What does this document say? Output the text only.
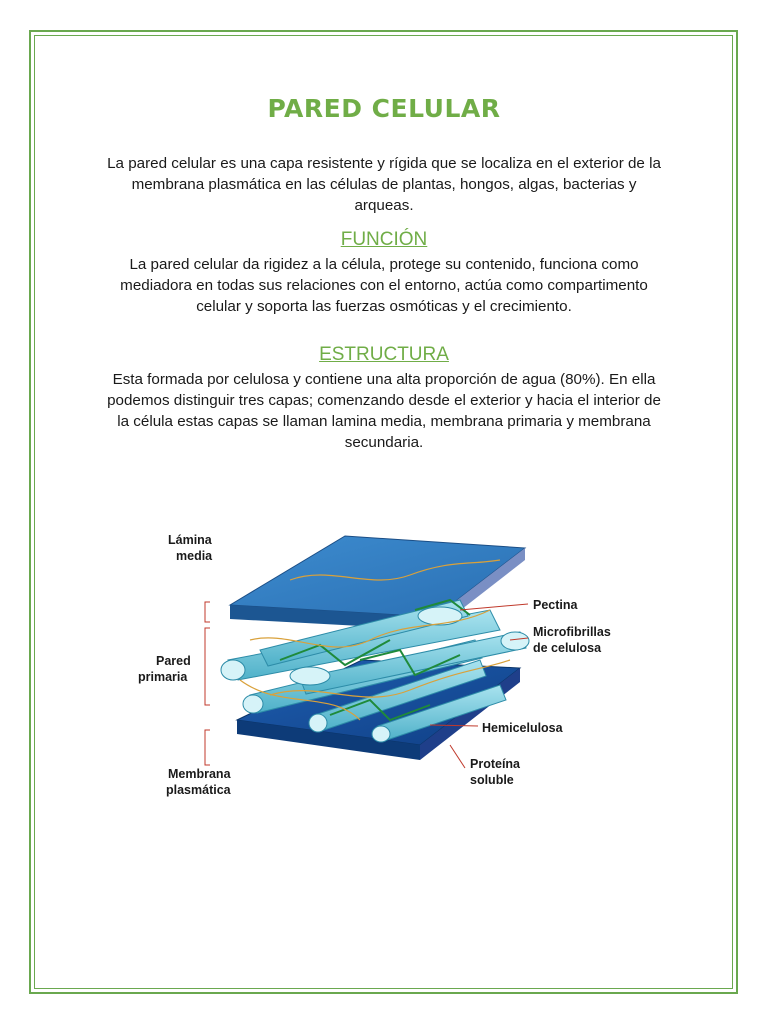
PARED CELULAR
La pared celular es una capa resistente y rígida que se localiza en el exterior de la membrana plasmática en las células de plantas, hongos, algas, bacterias y arqueas.
FUNCIÓN
La pared celular da rigidez a la célula, protege su contenido, funciona como mediadora en todas sus relaciones con el entorno, actúa como compartimento celular y soporta las fuerzas osmóticas y el crecimiento.
ESTRUCTURA
Esta formada por celulosa y contiene una alta proporción de agua (80%). En ella podemos distinguir tres capas; comenzando desde el exterior y hacia el interior de la célula estas capas se llaman lamina media, membrana primaria y membrana secundaria.
Lámina
media
Pared
primaria
Membrana
plasmática
Pectina
Microfibrillas
de celulosa
Hemicelulosa
Proteína
soluble
